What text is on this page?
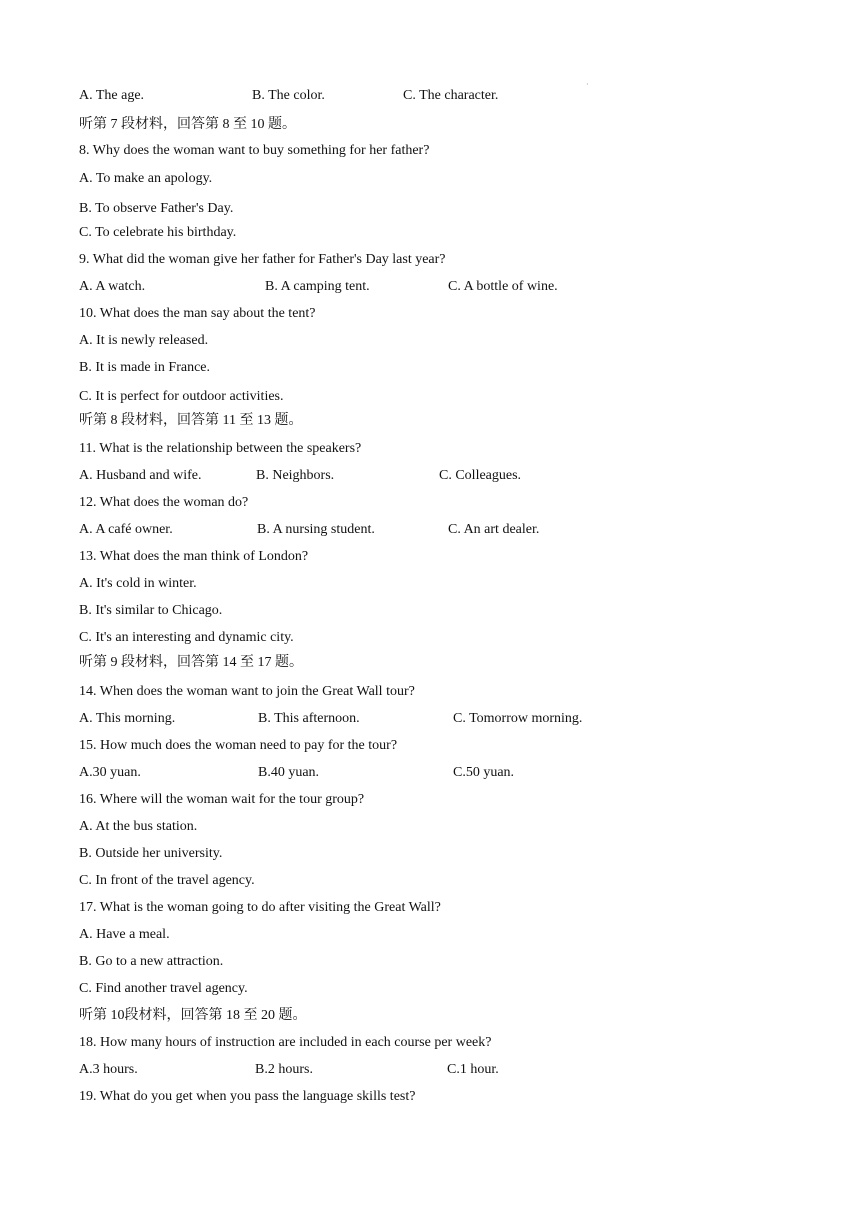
·
A. The age.	B. The color.	C. The character.
听第 7 段材料，回答第 8 至 10 题。
8. Why does the woman want to buy something for her father?
A. To make an apology.
B. To observe Father's Day.
C. To celebrate his birthday.
9. What did the woman give her father for Father's Day last year?
A. A watch.	B. A camping tent.	C. A bottle of wine.
10. What does the man say about the tent?
A. It is newly released.
B. It is made in France.
C. It is perfect for outdoor activities.
听第 8 段材料，回答第 11 至 13 题。
11. What is the relationship between the speakers?
A. Husband and wife.	B. Neighbors.	C. Colleagues.
12. What does the woman do?
A. A café owner.	B. A nursing student.	C. An art dealer.
13. What does the man think of London?
A. It's cold in winter.
B. It's similar to Chicago.
C. It's an interesting and dynamic city.
听第 9 段材料，回答第 14 至 17 题。
14. When does the woman want to join the Great Wall tour?
A. This morning.	B. This afternoon.	C. Tomorrow morning.
15. How much does the woman need to pay for the tour?
A.30 yuan.	B.40 yuan.	C.50 yuan.
16. Where will the woman wait for the tour group?
A. At the bus station.
B. Outside her university.
C. In front of the travel agency.
17. What is the woman going to do after visiting the Great Wall?
A. Have a meal.
B. Go to a new attraction.
C. Find another travel agency.
听第 10段材料，回答第 18 至 20 题。
18. How many hours of instruction are included in each course per week?
A.3 hours.	B.2 hours.	C.1 hour.
19. What do you get when you pass the language skills test?
